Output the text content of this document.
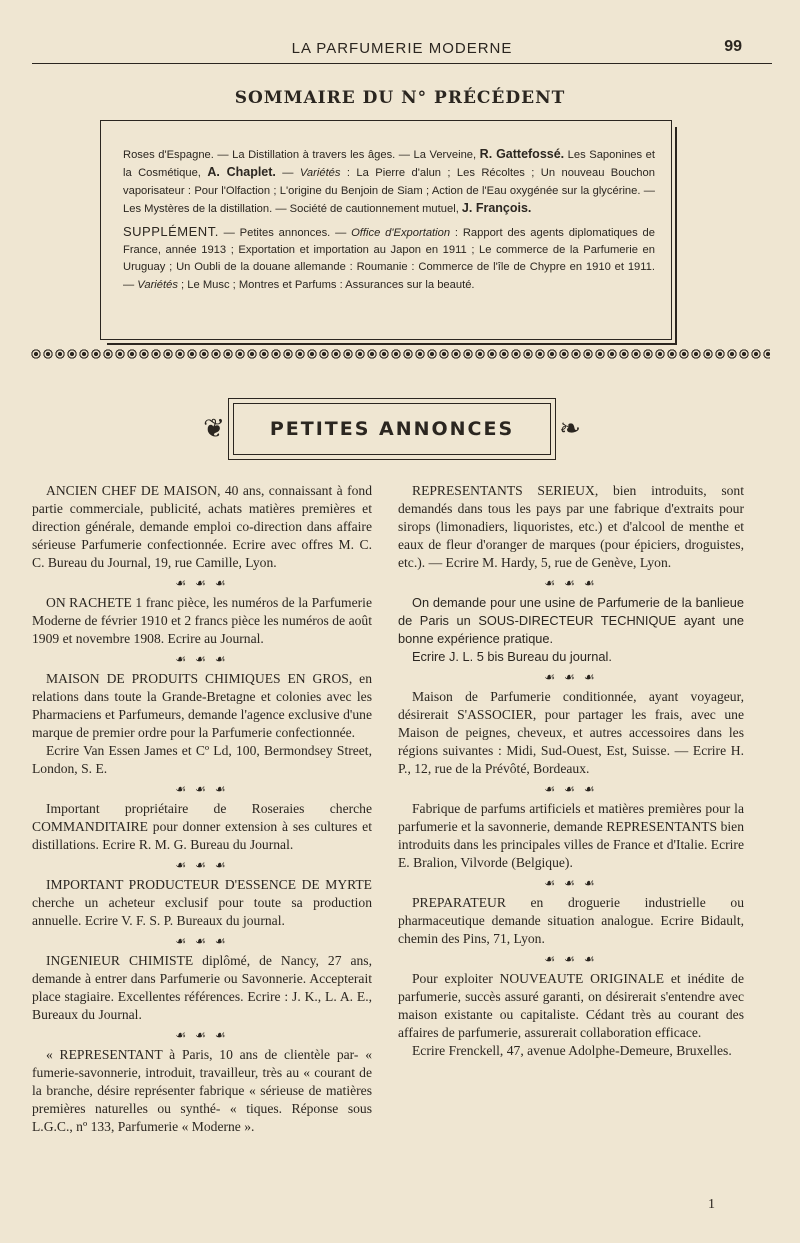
LA PARFUMERIE MODERNE	99
SOMMAIRE DU N° PRÉCÉDENT

Roses d'Espagne. — La Distillation à travers les âges. — La Verveine, R. Gattefossé. Les Saponines et la Cosmétique, A. Chaplet. — Variétés : La Pierre d'alun ; Les Récoltes ; Un nouveau Bouchon vaporisateur : Pour l'Olfaction ; L'origine du Benjoin de Siam ; Action de l'Eau oxygénée sur la glycérine. — Les Mystères de la distillation. — Société de cautionnement mutuel, J. François.

SUPPLÉMENT. — Petites annonces. — Office d'Exportation : Rapport des agents diplomatiques de France, année 1913 ; Exportation et importation au Japon en 1911 ; Le commerce de la Parfumerie en Uruguay ; Un Oubli de la douane allemande : Roumanie : Commerce de l'île de Chypre en 1910 et 1911. — Variétés ; Le Musc ; Montres et Parfums : Assurances sur la beauté.

❦	PETITES ANNONCES	❧

ANCIEN CHEF DE MAISON, 40 ans, connaissant à fond partie commerciale, publicité, achats matières premières et direction générale, demande emploi co-direction dans affaire sérieuse Parfumerie confectionnée. Ecrire avec offres M. C. C. Bureau du Journal, 19, rue Camille, Lyon.

☙ ☙ ☙

ON RACHETE 1 franc pièce, les numéros de la Parfumerie Moderne de février 1910 et 2 francs pièce les numéros de août 1909 et novembre 1908. Ecrire au Journal.

☙ ☙ ☙

MAISON DE PRODUITS CHIMIQUES EN GROS, en relations dans toute la Grande-Bretagne et colonies avec les Pharmaciens et Parfumeurs, demande l'agence exclusive d'une marque de premier ordre pour la Parfumerie confectionnée.

Ecrire Van Essen James et Cº Ld, 100, Bermondsey Street, London, S. E.

☙ ☙ ☙

Important propriétaire de Roseraies cherche COMMANDITAIRE pour donner extension à ses cultures et distillations. Ecrire R. M. G. Bureau du Journal.

☙ ☙ ☙

IMPORTANT PRODUCTEUR D'ESSENCE DE MYRTE cherche un acheteur exclusif pour toute sa production annuelle. Ecrire V. F. S. P. Bureaux du journal.

☙ ☙ ☙

INGENIEUR CHIMISTE diplômé, de Nancy, 27 ans, demande à entrer dans Parfumerie ou Savonnerie. Accepterait place stagiaire. Excellentes références. Ecrire : J. K., L. A. E., Bureaux du Journal.

☙ ☙ ☙

« REPRESENTANT à Paris, 10 ans de clientèle par- « fumerie-savonnerie, introduit, travailleur, très au « courant de la branche, désire représenter fabrique « sérieuse de matières premières naturelles ou synthé- « tiques. Réponse sous L.G.C., nº 133, Parfumerie « Moderne ».

REPRESENTANTS SERIEUX, bien introduits, sont demandés dans tous les pays par une fabrique d'extraits pour sirops (limonadiers, liquoristes, etc.) et d'alcool de menthe et eaux de fleur d'oranger de marques (pour épiciers, droguistes, etc.). — Ecrire M. Hardy, 5, rue de Genève, Lyon.

☙ ☙ ☙

On demande pour une usine de Parfumerie de la banlieue de Paris un SOUS-DIRECTEUR TECHNIQUE ayant une bonne expérience pratique.

Ecrire J. L. 5 bis Bureau du journal.

☙ ☙ ☙

Maison de Parfumerie conditionnée, ayant voyageur, désirerait S'ASSOCIER, pour partager les frais, avec une Maison de peignes, cheveux, et autres accessoires dans les régions suivantes : Midi, Sud-Ouest, Est, Suisse. — Ecrire H. P., 12, rue de la Prévôté, Bordeaux.

☙ ☙ ☙

Fabrique de parfums artificiels et matières premières pour la parfumerie et la savonnerie, demande REPRESENTANTS bien introduits dans les principales villes de France et d'Italie. Ecrire E. Bralion, Vilvorde (Belgique).

☙ ☙ ☙

PREPARATEUR en droguerie industrielle ou pharmaceutique demande situation analogue. Ecrire Bidault, chemin des Pins, 71, Lyon.

☙ ☙ ☙

Pour exploiter NOUVEAUTE ORIGINALE et inédite de parfumerie, succès assuré garanti, on désirerait s'entendre avec maison existante ou capitaliste. Cédant très au courant des affaires de parfumerie, assurerait collaboration efficace.

Ecrire Frenckell, 47, avenue Adolphe-Demeure, Bruxelles.

1
